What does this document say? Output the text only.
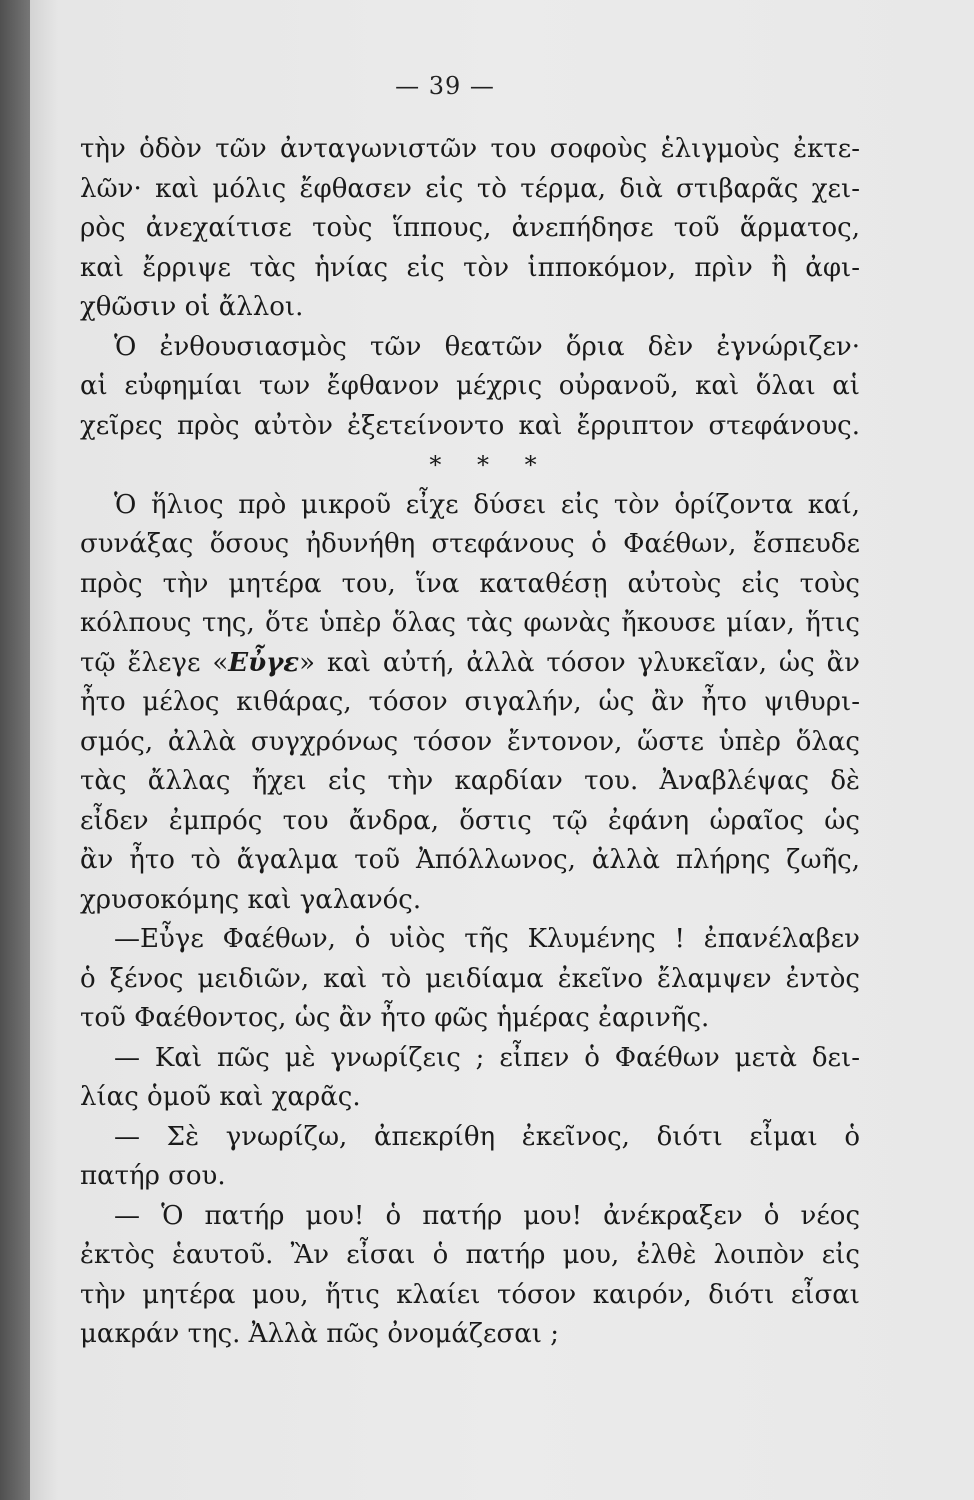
— 39 —
τὴν ὁδὸν τῶν ἀνταγωνιστῶν του σοφοὺς ἑλιγμοὺς ἐκτε-
λῶν· καὶ μόλις ἔφθασεν εἰς τὸ τέρμα, διὰ στιβαρᾶς χει-
ρὸς ἀνεχαίτισε τοὺς ἵππους, ἀνεπήδησε τοῦ ἅρματος,
καὶ ἔρριψε τὰς ἡνίας εἰς τὸν ἱπποκόμον, πρὶν ἢ ἀφι-
χθῶσιν οἱ ἄλλοι.
Ὁ ἐνθουσιασμὸς τῶν θεατῶν ὅρια δὲν ἐγνώριζεν·
αἱ εὐφημίαι των ἔφθανον μέχρις οὐρανοῦ, καὶ ὅλαι αἱ
χεῖρες πρὸς αὐτὸν ἐξετείνοντο καὶ ἔρριπτον στεφάνους.
* * *
Ὁ ἥλιος πρὸ μικροῦ εἶχε δύσει εἰς τὸν ὁρίζοντα καί,
συνάξας ὅσους ἠδυνήθη στεφάνους ὁ Φαέθων, ἔσπευδε
πρὸς τὴν μητέρα του, ἵνα καταθέσῃ αὐτοὺς εἰς τοὺς
κόλπους της, ὅτε ὑπὲρ ὅλας τὰς φωνὰς ἤκουσε μίαν, ἥτις
τῷ ἔλεγε «Εὖγε» καὶ αὐτή, ἀλλὰ τόσον γλυκεῖαν, ὡς ἂν
ἦτο μέλος κιθάρας, τόσον σιγαλήν, ὡς ἂν ἦτο ψιθυρι-
σμός, ἀλλὰ συγχρόνως τόσον ἔντονον, ὥστε ὑπὲρ ὅλας
τὰς ἄλλας ἤχει εἰς τὴν καρδίαν του. Ἀναβλέψας δὲ
εἶδεν ἐμπρός του ἄνδρα, ὅστις τῷ ἐφάνη ὡραῖος ὡς
ἂν ἦτο τὸ ἄγαλμα τοῦ Ἀπόλλωνος, ἀλλὰ πλήρης ζωῆς,
χρυσοκόμης καὶ γαλανός.
—Εὖγε Φαέθων, ὁ υἱὸς τῆς Κλυμένης ! ἐπανέλαβεν
ὁ ξένος μειδιῶν, καὶ τὸ μειδίαμα ἐκεῖνο ἔλαμψεν ἐντὸς
τοῦ Φαέθοντος, ὡς ἂν ἦτο φῶς ἡμέρας ἐαρινῆς.
— Καὶ πῶς μὲ γνωρίζεις ; εἶπεν ὁ Φαέθων μετὰ δει-
λίας ὁμοῦ καὶ χαρᾶς.
— Σὲ γνωρίζω, ἀπεκρίθη ἐκεῖνος, διότι εἶμαι ὁ
πατήρ σου.
— Ὁ πατήρ μου! ὁ πατήρ μου! ἀνέκραξεν ὁ νέος
ἐκτὸς ἑαυτοῦ. Ἂν εἶσαι ὁ πατήρ μου, ἐλθὲ λοιπὸν εἰς
τὴν μητέρα μου, ἥτις κλαίει τόσον καιρόν, διότι εἶσαι
μακράν της. Ἀλλὰ πῶς ὀνομάζεσαι ;
